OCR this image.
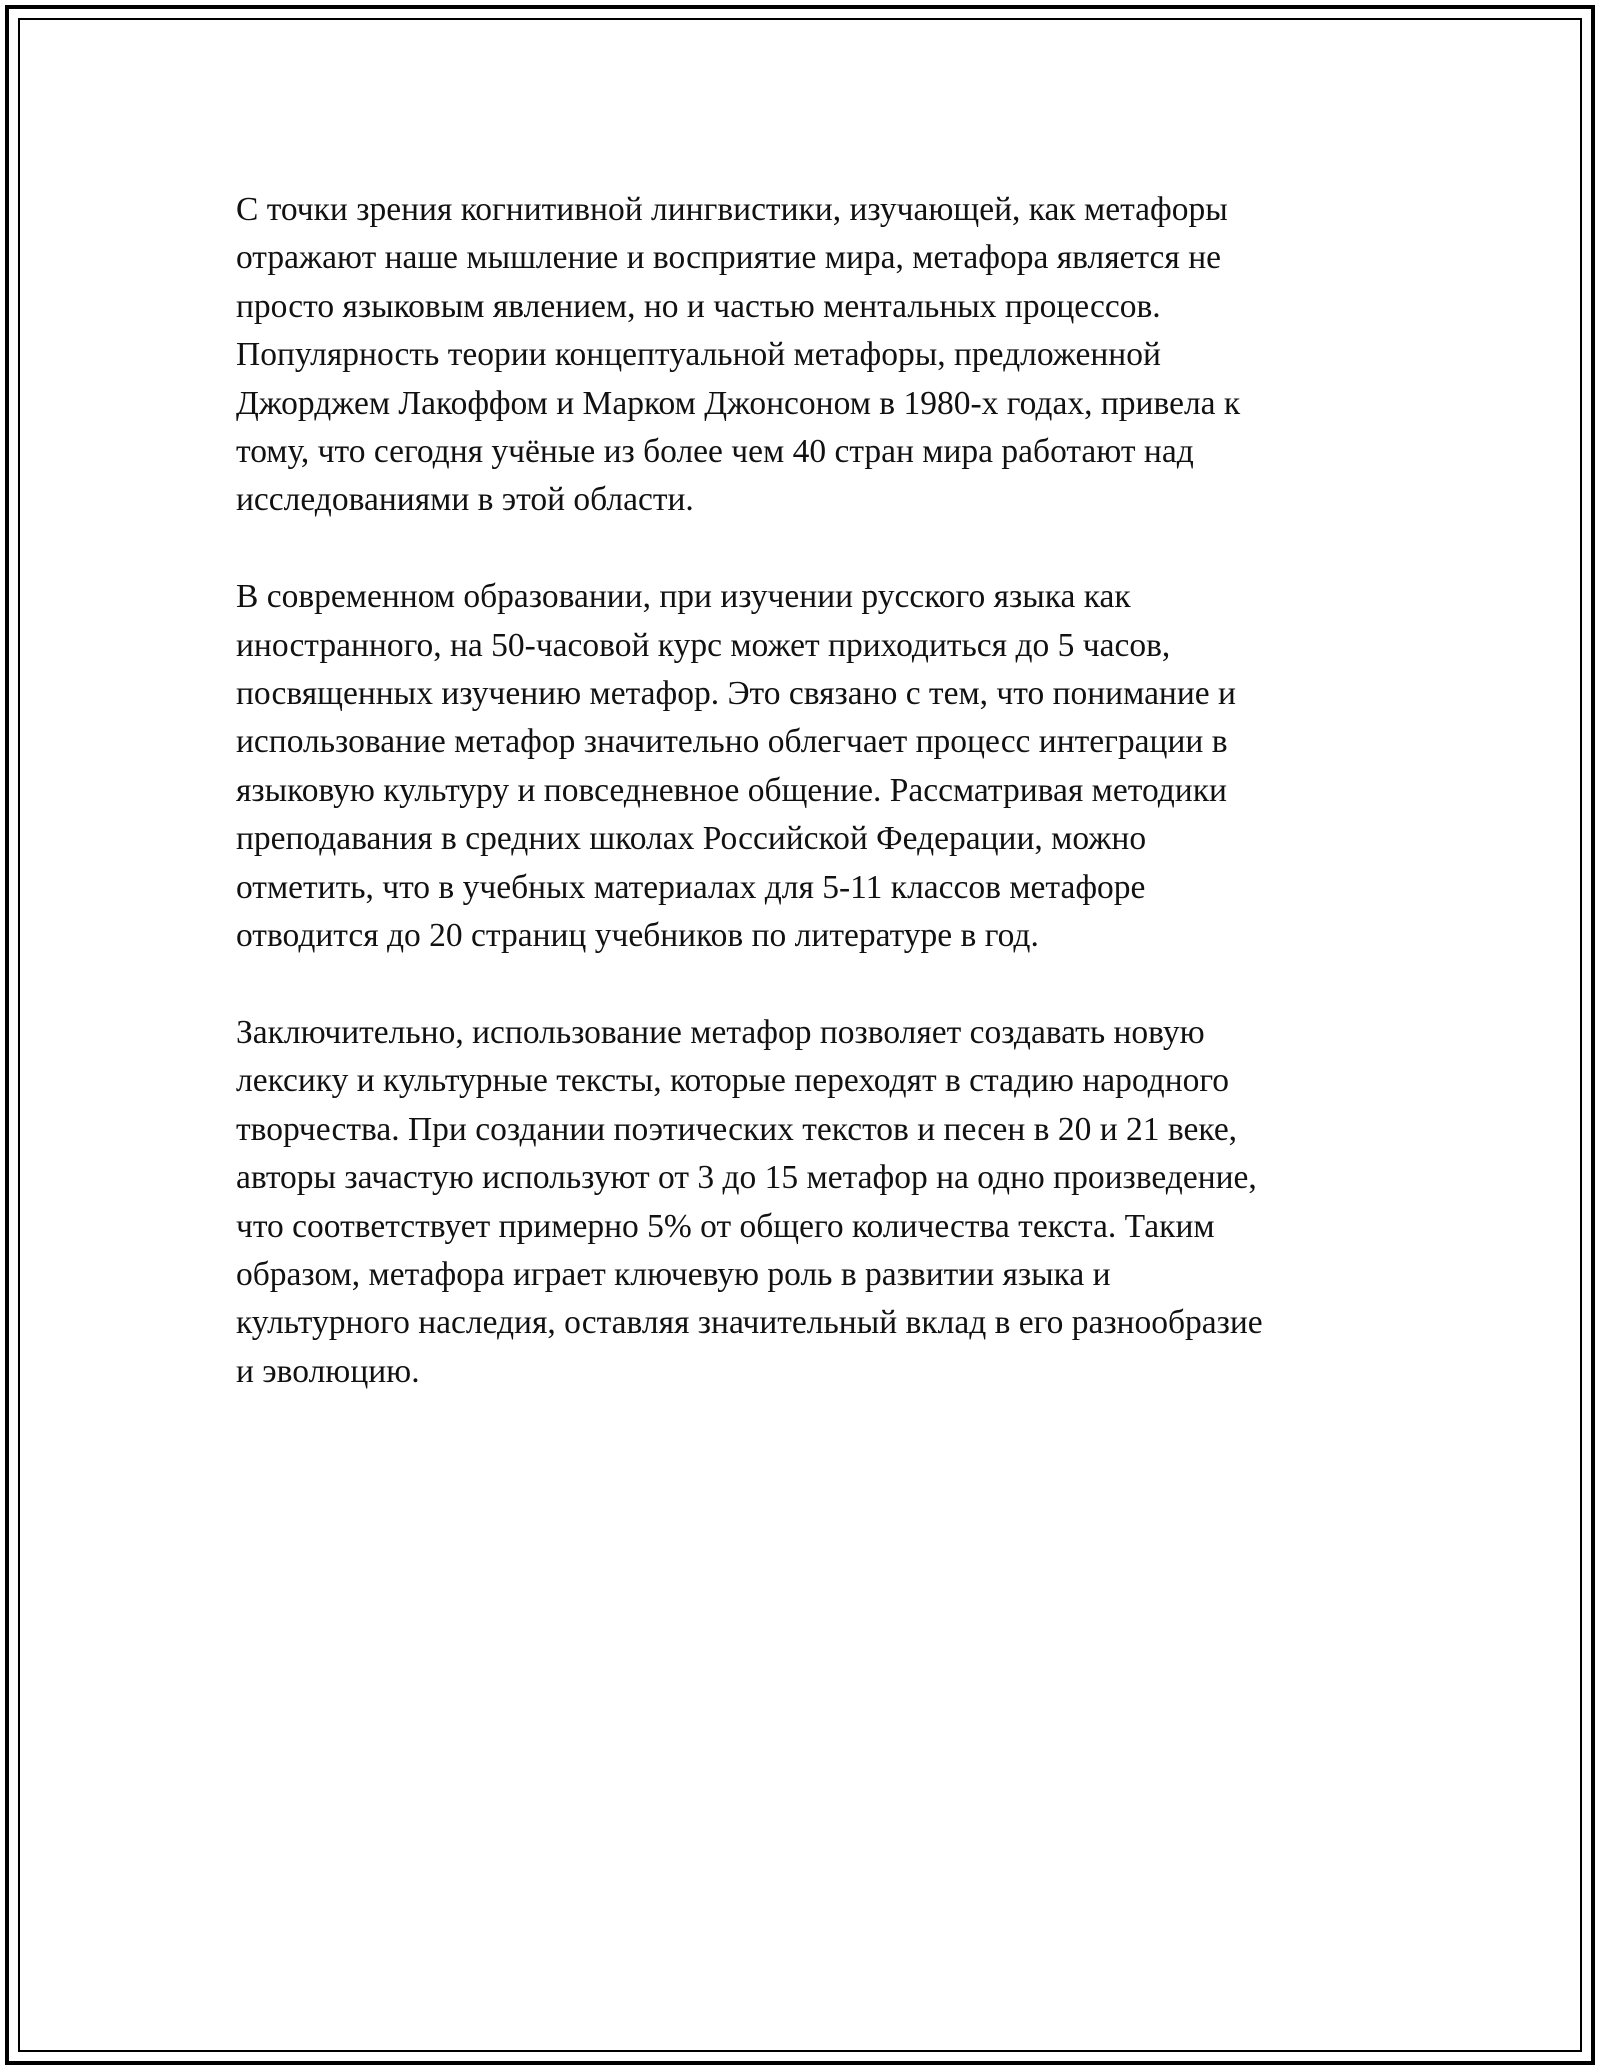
С точки зрения когнитивной лингвистики, изучающей, как метафоры
отражают наше мышление и восприятие мира, метафора является не
просто языковым явлением, но и частью ментальных процессов.
Популярность теории концептуальной метафоры, предложенной
Джорджем Лакоффом и Марком Джонсоном в 1980-х годах, привела к
тому, что сегодня учёные из более чем 40 стран мира работают над
исследованиями в этой области.

В современном образовании, при изучении русского языка как
иностранного, на 50-часовой курс может приходиться до 5 часов,
посвященных изучению метафор. Это связано с тем, что понимание и
использование метафор значительно облегчает процесс интеграции в
языковую культуру и повседневное общение. Рассматривая методики
преподавания в средних школах Российской Федерации, можно
отметить, что в учебных материалах для 5-11 классов метафоре
отводится до 20 страниц учебников по литературе в год.

Заключительно, использование метафор позволяет создавать новую
лексику и культурные тексты, которые переходят в стадию народного
творчества. При создании поэтических текстов и песен в 20 и 21 веке,
авторы зачастую используют от 3 до 15 метафор на одно произведение,
что соответствует примерно 5% от общего количества текста. Таким
образом, метафора играет ключевую роль в развитии языка и
культурного наследия, оставляя значительный вклад в его разнообразие
и эволюцию.
